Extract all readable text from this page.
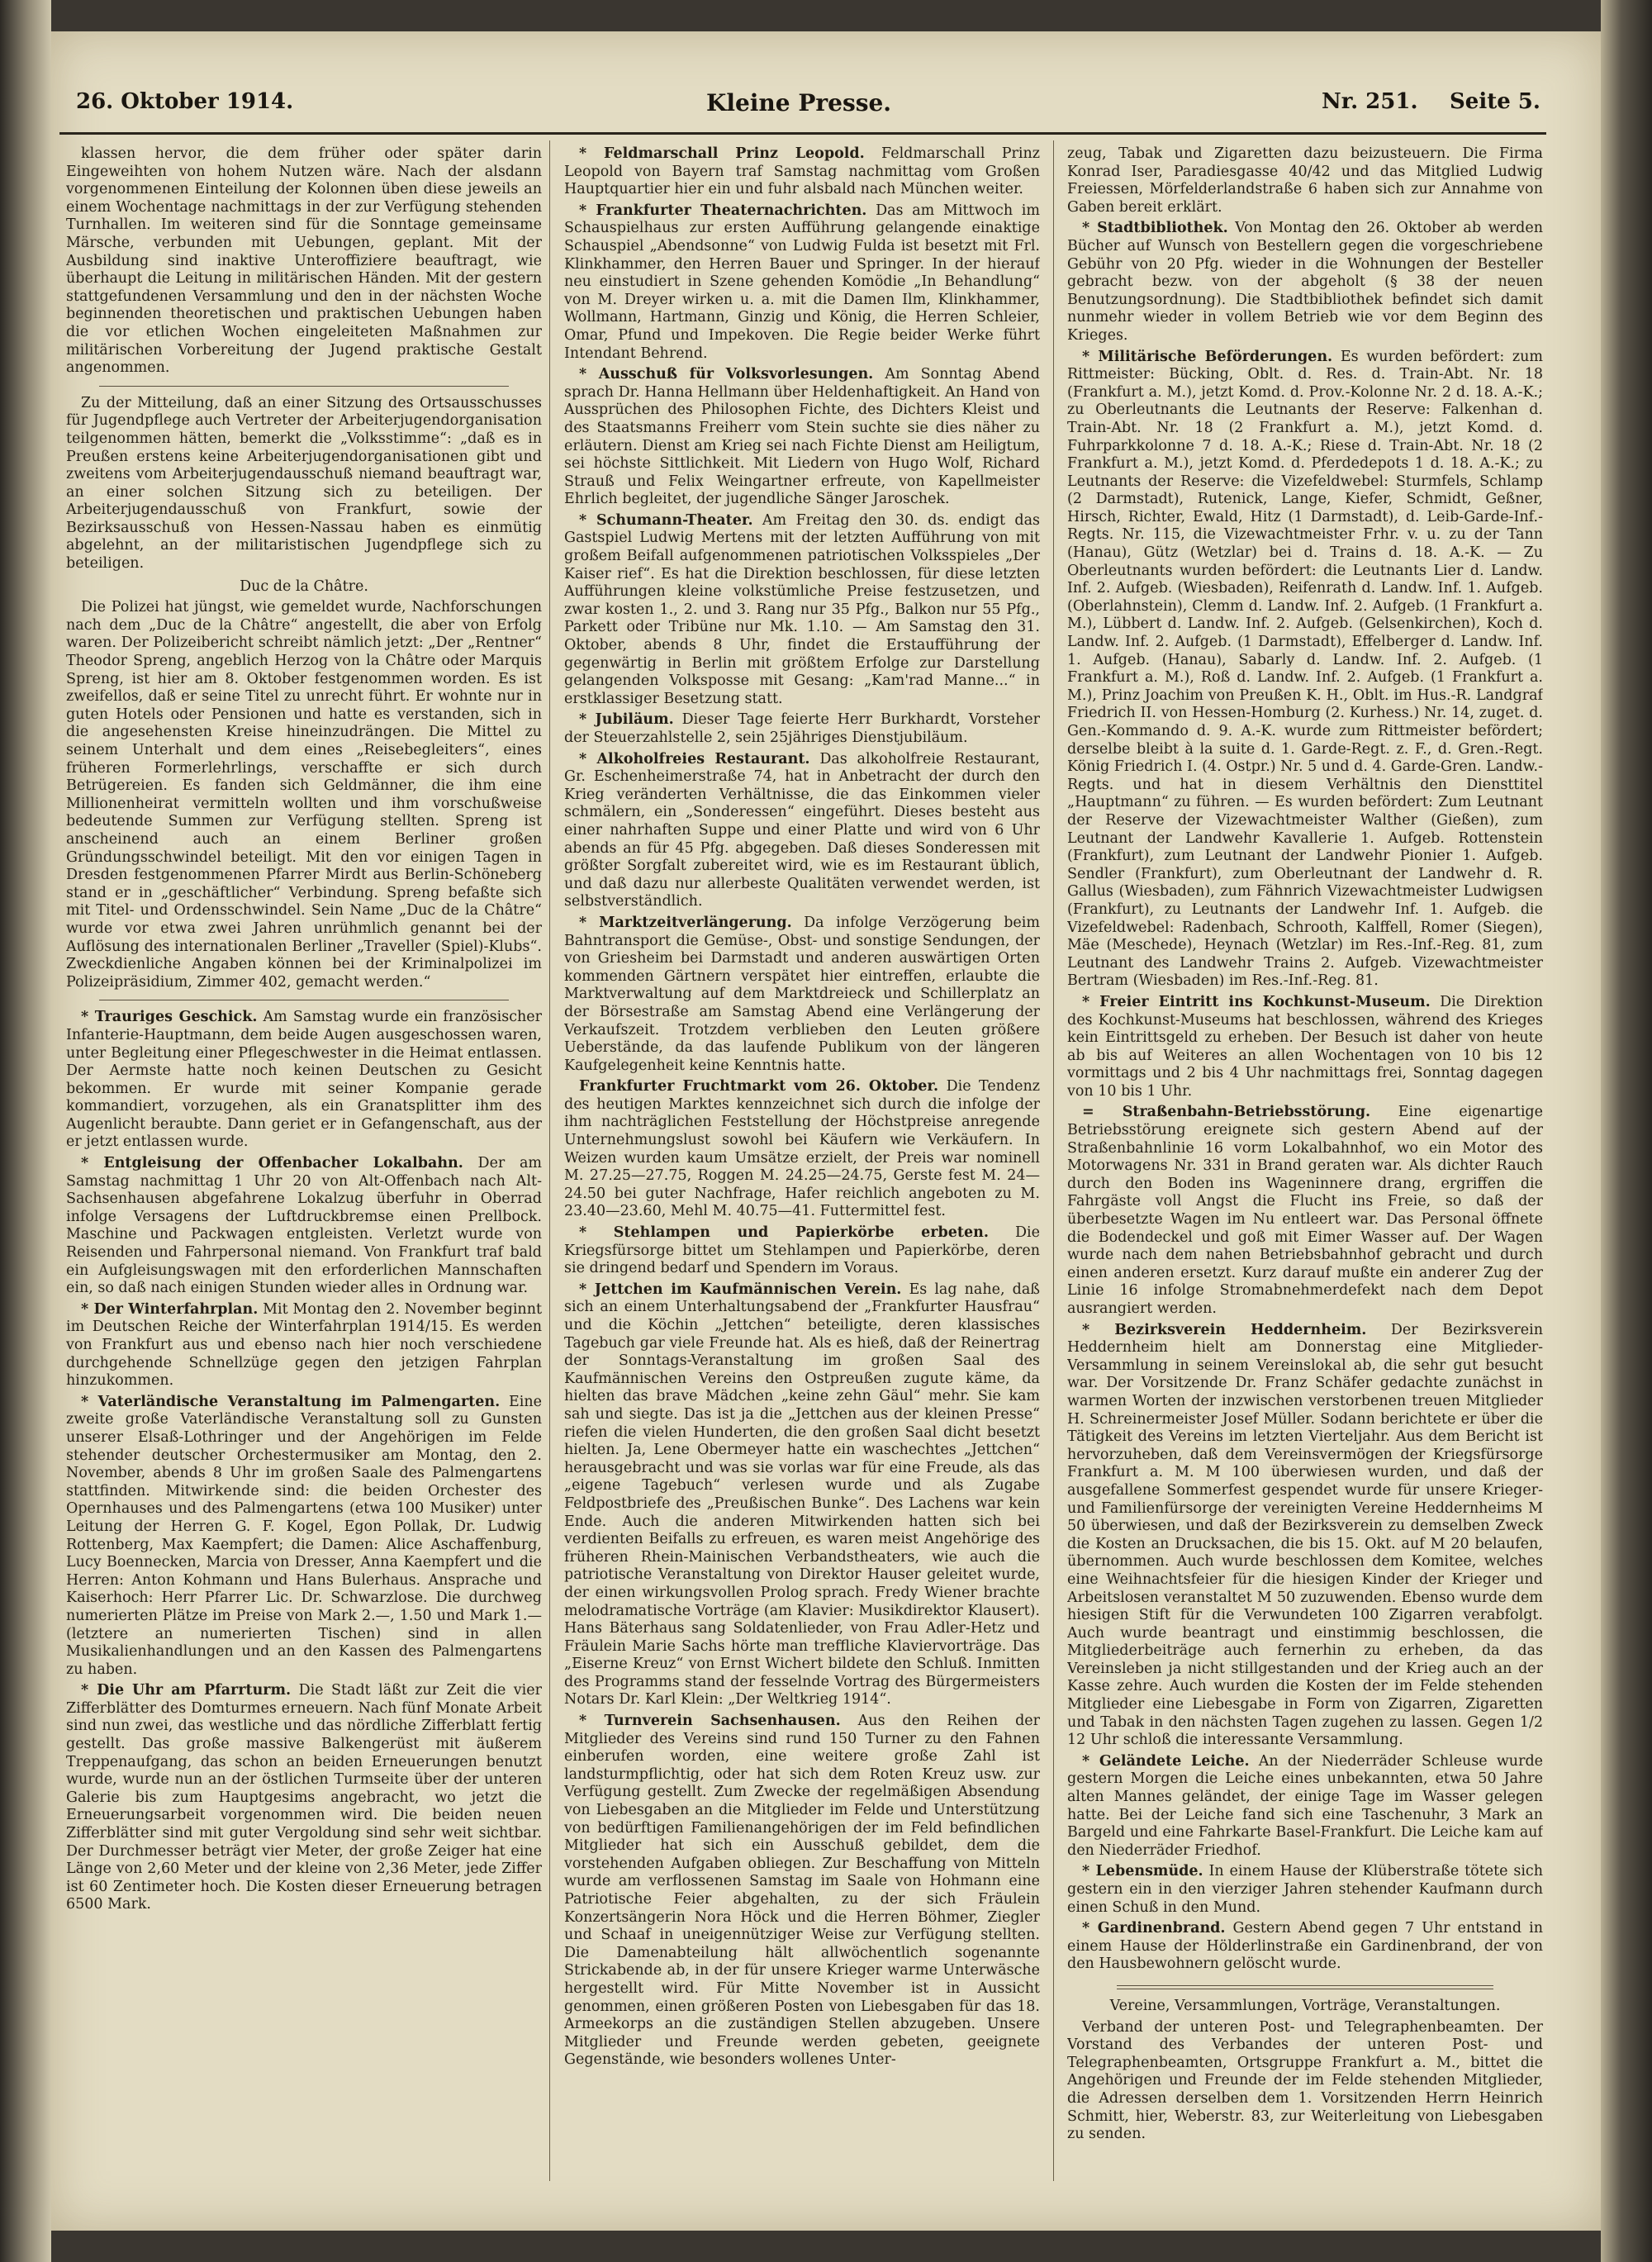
26. Oktober 1914.	Kleine Presse.	Nr. 251. Seite 5.

klassen hervor, die dem früher oder später darin Eingeweihten von hohem Nutzen wäre. Nach der alsdann vorgenommenen Einteilung der Kolonnen üben diese jeweils an einem Wochentage nachmittags in der zur Verfügung stehenden Turnhallen. Im weiteren sind für die Sonntage gemeinsame Märsche, verbunden mit Uebungen, geplant. Mit der Ausbildung sind inaktive Unteroffiziere beauftragt, wie überhaupt die Leitung in militärischen Händen. Mit der gestern stattgefundenen Versammlung und den in der nächsten Woche beginnenden theoretischen und praktischen Uebungen haben die vor etlichen Wochen eingeleiteten Maßnahmen zur militärischen Vorbereitung der Jugend praktische Gestalt angenommen.

Zu der Mitteilung, daß an einer Sitzung des Ortsausschusses für Jugendpflege auch Vertreter der Arbeiterjugendorganisation teilgenommen hätten, bemerkt die „Volksstimme“: „daß es in Preußen erstens keine Arbeiterjugendorganisationen gibt und zweitens vom Arbeiterjugendausschuß niemand beauftragt war, an einer solchen Sitzung sich zu beteiligen. Der Arbeiterjugendausschuß von Frankfurt, sowie der Bezirksausschuß von Hessen-Nassau haben es einmütig abgelehnt, an der militaristischen Jugendpflege sich zu beteiligen.

Duc de la Châtre.

Die Polizei hat jüngst, wie gemeldet wurde, Nachforschungen nach dem „Duc de la Châtre“ angestellt, die aber von Erfolg waren. Der Polizeibericht schreibt nämlich jetzt: „Der „Rentner“ Theodor Spreng, angeblich Herzog von la Châtre oder Marquis Spreng, ist hier am 8. Oktober festgenommen worden. Es ist zweifellos, daß er seine Titel zu unrecht führt. Er wohnte nur in guten Hotels oder Pensionen und hatte es verstanden, sich in die angesehensten Kreise hineinzudrängen. Die Mittel zu seinem Unterhalt und dem eines „Reisebegleiters“, eines früheren Formerlehrlings, verschaffte er sich durch Betrügereien. Es fanden sich Geldmänner, die ihm eine Millionenheirat vermitteln wollten und ihm vorschußweise bedeutende Summen zur Verfügung stellten. Spreng ist anscheinend auch an einem Berliner großen Gründungsschwindel beteiligt. Mit den vor einigen Tagen in Dresden festgenommenen Pfarrer Mirdt aus Berlin-Schöneberg stand er in „geschäftlicher“ Verbindung. Spreng befaßte sich mit Titel- und Ordensschwindel. Sein Name „Duc de la Châtre“ wurde vor etwa zwei Jahren unrühmlich genannt bei der Auflösung des internationalen Berliner „Traveller (Spiel)-Klubs“. Zweckdienliche Angaben können bei der Kriminalpolizei im Polizeipräsidium, Zimmer 402, gemacht werden.“

* Trauriges Geschick. Am Samstag wurde ein französischer Infanterie-Hauptmann, dem beide Augen ausgeschossen waren, unter Begleitung einer Pflegeschwester in die Heimat entlassen. Der Aermste hatte noch keinen Deutschen zu Gesicht bekommen. Er wurde mit seiner Kompanie gerade kommandiert, vorzugehen, als ein Granatsplitter ihm des Augenlicht beraubte. Dann geriet er in Gefangenschaft, aus der er jetzt entlassen wurde.

* Entgleisung der Offenbacher Lokalbahn. Der am Samstag nachmittag 1 Uhr 20 von Alt-Offenbach nach Alt-Sachsenhausen abgefahrene Lokalzug überfuhr in Oberrad infolge Versagens der Luftdruckbremse einen Prellbock. Maschine und Packwagen entgleisten. Verletzt wurde von Reisenden und Fahrpersonal niemand. Von Frankfurt traf bald ein Aufgleisungswagen mit den erforderlichen Mannschaften ein, so daß nach einigen Stunden wieder alles in Ordnung war.

* Der Winterfahrplan. Mit Montag den 2. November beginnt im Deutschen Reiche der Winterfahrplan 1914/15. Es werden von Frankfurt aus und ebenso nach hier noch verschiedene durchgehende Schnellzüge gegen den jetzigen Fahrplan hinzukommen.

* Vaterländische Veranstaltung im Palmengarten. Eine zweite große Vaterländische Veranstaltung soll zu Gunsten unserer Elsaß-Lothringer und der Angehörigen im Felde stehender deutscher Orchestermusiker am Montag, den 2. November, abends 8 Uhr im großen Saale des Palmengartens stattfinden. Mitwirkende sind: die beiden Orchester des Opernhauses und des Palmengartens (etwa 100 Musiker) unter Leitung der Herren G. F. Kogel, Egon Pollak, Dr. Ludwig Rottenberg, Max Kaempfert; die Damen: Alice Aschaffenburg, Lucy Boennecken, Marcia von Dresser, Anna Kaempfert und die Herren: Anton Kohmann und Hans Bulerhaus. Ansprache und Kaiserhoch: Herr Pfarrer Lic. Dr. Schwarzlose. Die durchweg numerierten Plätze im Preise von Mark 2.—, 1.50 und Mark 1.— (letztere an numerierten Tischen) sind in allen Musikalienhandlungen und an den Kassen des Palmengartens zu haben.

* Die Uhr am Pfarrturm. Die Stadt läßt zur Zeit die vier Zifferblätter des Domturmes erneuern. Nach fünf Monate Arbeit sind nun zwei, das westliche und das nördliche Zifferblatt fertig gestellt. Das große massive Balkengerüst mit äußerem Treppenaufgang, das schon an beiden Erneuerungen benutzt wurde, wurde nun an der östlichen Turmseite über der unteren Galerie bis zum Hauptgesims angebracht, wo jetzt die Erneuerungsarbeit vorgenommen wird. Die beiden neuen Zifferblätter sind mit guter Vergoldung sind sehr weit sichtbar. Der Durchmesser beträgt vier Meter, der große Zeiger hat eine Länge von 2,60 Meter und der kleine von 2,36 Meter, jede Ziffer ist 60 Zentimeter hoch. Die Kosten dieser Erneuerung betragen 6500 Mark.

* Feldmarschall Prinz Leopold. Feldmarschall Prinz Leopold von Bayern traf Samstag nachmittag vom Großen Hauptquartier hier ein und fuhr alsbald nach München weiter.

* Frankfurter Theaternachrichten. Das am Mittwoch im Schauspielhaus zur ersten Aufführung gelangende einaktige Schauspiel „Abendsonne“ von Ludwig Fulda ist besetzt mit Frl. Klinkhammer, den Herren Bauer und Springer. In der hierauf neu einstudiert in Szene gehenden Komödie „In Behandlung“ von M. Dreyer wirken u. a. mit die Damen Ilm, Klinkhammer, Wollmann, Hartmann, Ginzig und König, die Herren Schleier, Omar, Pfund und Impekoven. Die Regie beider Werke führt Intendant Behrend.

* Ausschuß für Volksvorlesungen. Am Sonntag Abend sprach Dr. Hanna Hellmann über Heldenhaftigkeit. An Hand von Aussprüchen des Philosophen Fichte, des Dichters Kleist und des Staatsmanns Freiherr vom Stein suchte sie dies näher zu erläutern. Dienst am Krieg sei nach Fichte Dienst am Heiligtum, sei höchste Sittlichkeit. Mit Liedern von Hugo Wolf, Richard Strauß und Felix Weingartner erfreute, von Kapellmeister Ehrlich begleitet, der jugendliche Sänger Jaroschek.

* Schumann-Theater. Am Freitag den 30. ds. endigt das Gastspiel Ludwig Mertens mit der letzten Aufführung von mit großem Beifall aufgenommenen patriotischen Volksspieles „Der Kaiser rief“. Es hat die Direktion beschlossen, für diese letzten Aufführungen kleine volkstümliche Preise festzusetzen, und zwar kosten 1., 2. und 3. Rang nur 35 Pfg., Balkon nur 55 Pfg., Parkett oder Tribüne nur Mk. 1.10. — Am Samstag den 31. Oktober, abends 8 Uhr, findet die Erstaufführung der gegenwärtig in Berlin mit größtem Erfolge zur Darstellung gelangenden Volksposse mit Gesang: „Kam'rad Manne...“ in erstklassiger Besetzung statt.

* Jubiläum. Dieser Tage feierte Herr Burkhardt, Vorsteher der Steuerzahlstelle 2, sein 25jähriges Dienstjubiläum.

* Alkoholfreies Restaurant. Das alkoholfreie Restaurant, Gr. Eschenheimerstraße 74, hat in Anbetracht der durch den Krieg veränderten Verhältnisse, die das Einkommen vieler schmälern, ein „Sonderessen“ eingeführt. Dieses besteht aus einer nahrhaften Suppe und einer Platte und wird von 6 Uhr abends an für 45 Pfg. abgegeben. Daß dieses Sonderessen mit größter Sorgfalt zubereitet wird, wie es im Restaurant üblich, und daß dazu nur allerbeste Qualitäten verwendet werden, ist selbstverständlich.

* Marktzeitverlängerung. Da infolge Verzögerung beim Bahntransport die Gemüse-, Obst- und sonstige Sendungen, der von Griesheim bei Darmstadt und anderen auswärtigen Orten kommenden Gärtnern verspätet hier eintreffen, erlaubte die Marktverwaltung auf dem Marktdreieck und Schillerplatz an der Börsestraße am Samstag Abend eine Verlängerung der Verkaufszeit. Trotzdem verblieben den Leuten größere Ueberstände, da das laufende Publikum von der längeren Kaufgelegenheit keine Kenntnis hatte.

Frankfurter Fruchtmarkt vom 26. Oktober. Die Tendenz des heutigen Marktes kennzeichnet sich durch die infolge der ihm nachträglichen Feststellung der Höchstpreise anregende Unternehmungslust sowohl bei Käufern wie Verkäufern. In Weizen wurden kaum Umsätze erzielt, der Preis war nominell M. 27.25—27.75, Roggen M. 24.25—24.75, Gerste fest M. 24—24.50 bei guter Nachfrage, Hafer reichlich angeboten zu M. 23.40—23.60, Mehl M. 40.75—41. Futtermittel fest.

* Stehlampen und Papierkörbe erbeten. Die Kriegsfürsorge bittet um Stehlampen und Papierkörbe, deren sie dringend bedarf und Spendern im Voraus.

* Jettchen im Kaufmännischen Verein. Es lag nahe, daß sich an einem Unterhaltungsabend der „Frankfurter Hausfrau“ und die Köchin „Jettchen“ beteiligte, deren klassisches Tagebuch gar viele Freunde hat. Als es hieß, daß der Reinertrag der Sonntags-Veranstaltung im großen Saal des Kaufmännischen Vereins den Ostpreußen zugute käme, da hielten das brave Mädchen „keine zehn Gäul“ mehr. Sie kam sah und siegte. Das ist ja die „Jettchen aus der kleinen Presse“ riefen die vielen Hunderten, die den großen Saal dicht besetzt hielten. Ja, Lene Obermeyer hatte ein waschechtes „Jettchen“ herausgebracht und was sie vorlas war für eine Freude, als das „eigene Tagebuch“ verlesen wurde und als Zugabe Feldpostbriefe des „Preußischen Bunke“. Des Lachens war kein Ende. Auch die anderen Mitwirkenden hatten sich bei verdienten Beifalls zu erfreuen, es waren meist Angehörige des früheren Rhein-Mainischen Verbandstheaters, wie auch die patriotische Veranstaltung von Direktor Hauser geleitet wurde, der einen wirkungsvollen Prolog sprach. Fredy Wiener brachte melodramatische Vorträge (am Klavier: Musikdirektor Klausert). Hans Bäterhaus sang Soldatenlieder, von Frau Adler-Hetz und Fräulein Marie Sachs hörte man treffliche Klaviervorträge. Das „Eiserne Kreuz“ von Ernst Wichert bildete den Schluß. Inmitten des Programms stand der fesselnde Vortrag des Bürgermeisters Notars Dr. Karl Klein: „Der Weltkrieg 1914“.

* Turnverein Sachsenhausen. Aus den Reihen der Mitglieder des Vereins sind rund 150 Turner zu den Fahnen einberufen worden, eine weitere große Zahl ist landsturmpflichtig, oder hat sich dem Roten Kreuz usw. zur Verfügung gestellt. Zum Zwecke der regelmäßigen Absendung von Liebesgaben an die Mitglieder im Felde und Unterstützung von bedürftigen Familienangehörigen der im Feld befindlichen Mitglieder hat sich ein Ausschuß gebildet, dem die vorstehenden Aufgaben obliegen. Zur Beschaffung von Mitteln wurde am verflossenen Samstag im Saale von Hohmann eine Patriotische Feier abgehalten, zu der sich Fräulein Konzertsängerin Nora Höck und die Herren Böhmer, Ziegler und Schaaf in uneigennütziger Weise zur Verfügung stellten. Die Damenabteilung hält allwöchentlich sogenannte Strickabende ab, in der für unsere Krieger warme Unterwäsche hergestellt wird. Für Mitte November ist in Aussicht genommen, einen größeren Posten von Liebesgaben für das 18. Armeekorps an die zuständigen Stellen abzugeben. Unsere Mitglieder und Freunde werden gebeten, geeignete Gegenstände, wie besonders wollenes Unter-

zeug, Tabak und Zigaretten dazu beizusteuern. Die Firma Konrad Iser, Paradiesgasse 40/42 und das Mitglied Ludwig Freiessen, Mörfelderlandstraße 6 haben sich zur Annahme von Gaben bereit erklärt.

* Stadtbibliothek. Von Montag den 26. Oktober ab werden Bücher auf Wunsch von Bestellern gegen die vorgeschriebene Gebühr von 20 Pfg. wieder in die Wohnungen der Besteller gebracht bezw. von der abgeholt (§ 38 der neuen Benutzungsordnung). Die Stadtbibliothek befindet sich damit nunmehr wieder in vollem Betrieb wie vor dem Beginn des Krieges.

* Militärische Beförderungen. Es wurden befördert: zum Rittmeister: Bücking, Oblt. d. Res. d. Train-Abt. Nr. 18 (Frankfurt a. M.), jetzt Komd. d. Prov.-Kolonne Nr. 2 d. 18. A.-K.; zu Oberleutnants die Leutnants der Reserve: Falkenhan d. Train-Abt. Nr. 18 (2 Frankfurt a. M.), jetzt Komd. d. Fuhrparkkolonne 7 d. 18. A.-K.; Riese d. Train-Abt. Nr. 18 (2 Frankfurt a. M.), jetzt Komd. d. Pferdedepots 1 d. 18. A.-K.; zu Leutnants der Reserve: die Vizefeldwebel: Sturmfels, Schlamp (2 Darmstadt), Rutenick, Lange, Kiefer, Schmidt, Geßner, Hirsch, Richter, Ewald, Hitz (1 Darmstadt), d. Leib-Garde-Inf.-Regts. Nr. 115, die Vizewachtmeister Frhr. v. u. zu der Tann (Hanau), Gütz (Wetzlar) bei d. Trains d. 18. A.-K. — Zu Oberleutnants wurden befördert: die Leutnants Lier d. Landw. Inf. 2. Aufgeb. (Wiesbaden), Reifenrath d. Landw. Inf. 1. Aufgeb. (Oberlahnstein), Clemm d. Landw. Inf. 2. Aufgeb. (1 Frankfurt a. M.), Lübbert d. Landw. Inf. 2. Aufgeb. (Gelsenkirchen), Koch d. Landw. Inf. 2. Aufgeb. (1 Darmstadt), Effelberger d. Landw. Inf. 1. Aufgeb. (Hanau), Sabarly d. Landw. Inf. 2. Aufgeb. (1 Frankfurt a. M.), Roß d. Landw. Inf. 2. Aufgeb. (1 Frankfurt a. M.), Prinz Joachim von Preußen K. H., Oblt. im Hus.-R. Landgraf Friedrich II. von Hessen-Homburg (2. Kurhess.) Nr. 14, zuget. d. Gen.-Kommando d. 9. A.-K. wurde zum Rittmeister befördert; derselbe bleibt à la suite d. 1. Garde-Regt. z. F., d. Gren.-Regt. König Friedrich I. (4. Ostpr.) Nr. 5 und d. 4. Garde-Gren. Landw.-Regts. und hat in diesem Verhältnis den Diensttitel „Hauptmann“ zu führen. — Es wurden befördert: Zum Leutnant der Reserve der Vizewachtmeister Walther (Gießen), zum Leutnant der Landwehr Kavallerie 1. Aufgeb. Rottenstein (Frankfurt), zum Leutnant der Landwehr Pionier 1. Aufgeb. Sendler (Frankfurt), zum Oberleutnant der Landwehr d. R. Gallus (Wiesbaden), zum Fähnrich Vizewachtmeister Ludwigsen (Frankfurt), zu Leutnants der Landwehr Inf. 1. Aufgeb. die Vizefeldwebel: Radenbach, Schrooth, Kalffell, Romer (Siegen), Mäe (Meschede), Heynach (Wetzlar) im Res.-Inf.-Reg. 81, zum Leutnant des Landwehr Trains 2. Aufgeb. Vizewachtmeister Bertram (Wiesbaden) im Res.-Inf.-Reg. 81.

* Freier Eintritt ins Kochkunst-Museum. Die Direktion des Kochkunst-Museums hat beschlossen, während des Krieges kein Eintrittsgeld zu erheben. Der Besuch ist daher von heute ab bis auf Weiteres an allen Wochentagen von 10 bis 12 vormittags und 2 bis 4 Uhr nachmittags frei, Sonntag dagegen von 10 bis 1 Uhr.

= Straßenbahn-Betriebsstörung. Eine eigenartige Betriebsstörung ereignete sich gestern Abend auf der Straßenbahnlinie 16 vorm Lokalbahnhof, wo ein Motor des Motorwagens Nr. 331 in Brand geraten war. Als dichter Rauch durch den Boden ins Wageninnere drang, ergriffen die Fahrgäste voll Angst die Flucht ins Freie, so daß der überbesetzte Wagen im Nu entleert war. Das Personal öffnete die Bodendeckel und goß mit Eimer Wasser auf. Der Wagen wurde nach dem nahen Betriebsbahnhof gebracht und durch einen anderen ersetzt. Kurz darauf mußte ein anderer Zug der Linie 16 infolge Stromabnehmerdefekt nach dem Depot ausrangiert werden.

* Bezirksverein Heddernheim. Der Bezirksverein Heddernheim hielt am Donnerstag eine Mitglieder-Versammlung in seinem Vereinslokal ab, die sehr gut besucht war. Der Vorsitzende Dr. Franz Schäfer gedachte zunächst in warmen Worten der inzwischen verstorbenen treuen Mitglieder H. Schreinermeister Josef Müller. Sodann berichtete er über die Tätigkeit des Vereins im letzten Vierteljahr. Aus dem Bericht ist hervorzuheben, daß dem Vereinsvermögen der Kriegsfürsorge Frankfurt a. M. M 100 überwiesen wurden, und daß der ausgefallene Sommerfest gespendet wurde für unsere Krieger- und Familienfürsorge der vereinigten Vereine Heddernheims M 50 überwiesen, und daß der Bezirksverein zu demselben Zweck die Kosten an Drucksachen, die bis 15. Okt. auf M 20 belaufen, übernommen. Auch wurde beschlossen dem Komitee, welches eine Weihnachtsfeier für die hiesigen Kinder der Krieger und Arbeitslosen veranstaltet M 50 zuzuwenden. Ebenso wurde dem hiesigen Stift für die Verwundeten 100 Zigarren verabfolgt. Auch wurde beantragt und einstimmig beschlossen, die Mitgliederbeiträge auch fernerhin zu erheben, da das Vereinsleben ja nicht stillgestanden und der Krieg auch an der Kasse zehre. Auch wurden die Kosten der im Felde stehenden Mitglieder eine Liebesgabe in Form von Zigarren, Zigaretten und Tabak in den nächsten Tagen zugehen zu lassen. Gegen 1/2 12 Uhr schloß die interessante Versammlung.

* Geländete Leiche. An der Niederräder Schleuse wurde gestern Morgen die Leiche eines unbekannten, etwa 50 Jahre alten Mannes geländet, der einige Tage im Wasser gelegen hatte. Bei der Leiche fand sich eine Taschenuhr, 3 Mark an Bargeld und eine Fahrkarte Basel-Frankfurt. Die Leiche kam auf den Niederräder Friedhof.

* Lebensmüde. In einem Hause der Klüberstraße tötete sich gestern ein in den vierziger Jahren stehender Kaufmann durch einen Schuß in den Mund.

* Gardinenbrand. Gestern Abend gegen 7 Uhr entstand in einem Hause der Hölderlinstraße ein Gardinenbrand, der von den Hausbewohnern gelöscht wurde.

Vereine, Versammlungen, Vorträge, Veranstaltungen.

Verband der unteren Post- und Telegraphenbeamten. Der Vorstand des Verbandes der unteren Post- und Telegraphenbeamten, Ortsgruppe Frankfurt a. M., bittet die Angehörigen und Freunde der im Felde stehenden Mitglieder, die Adressen derselben dem 1. Vorsitzenden Herrn Heinrich Schmitt, hier, Weberstr. 83, zur Weiterleitung von Liebesgaben zu senden.
